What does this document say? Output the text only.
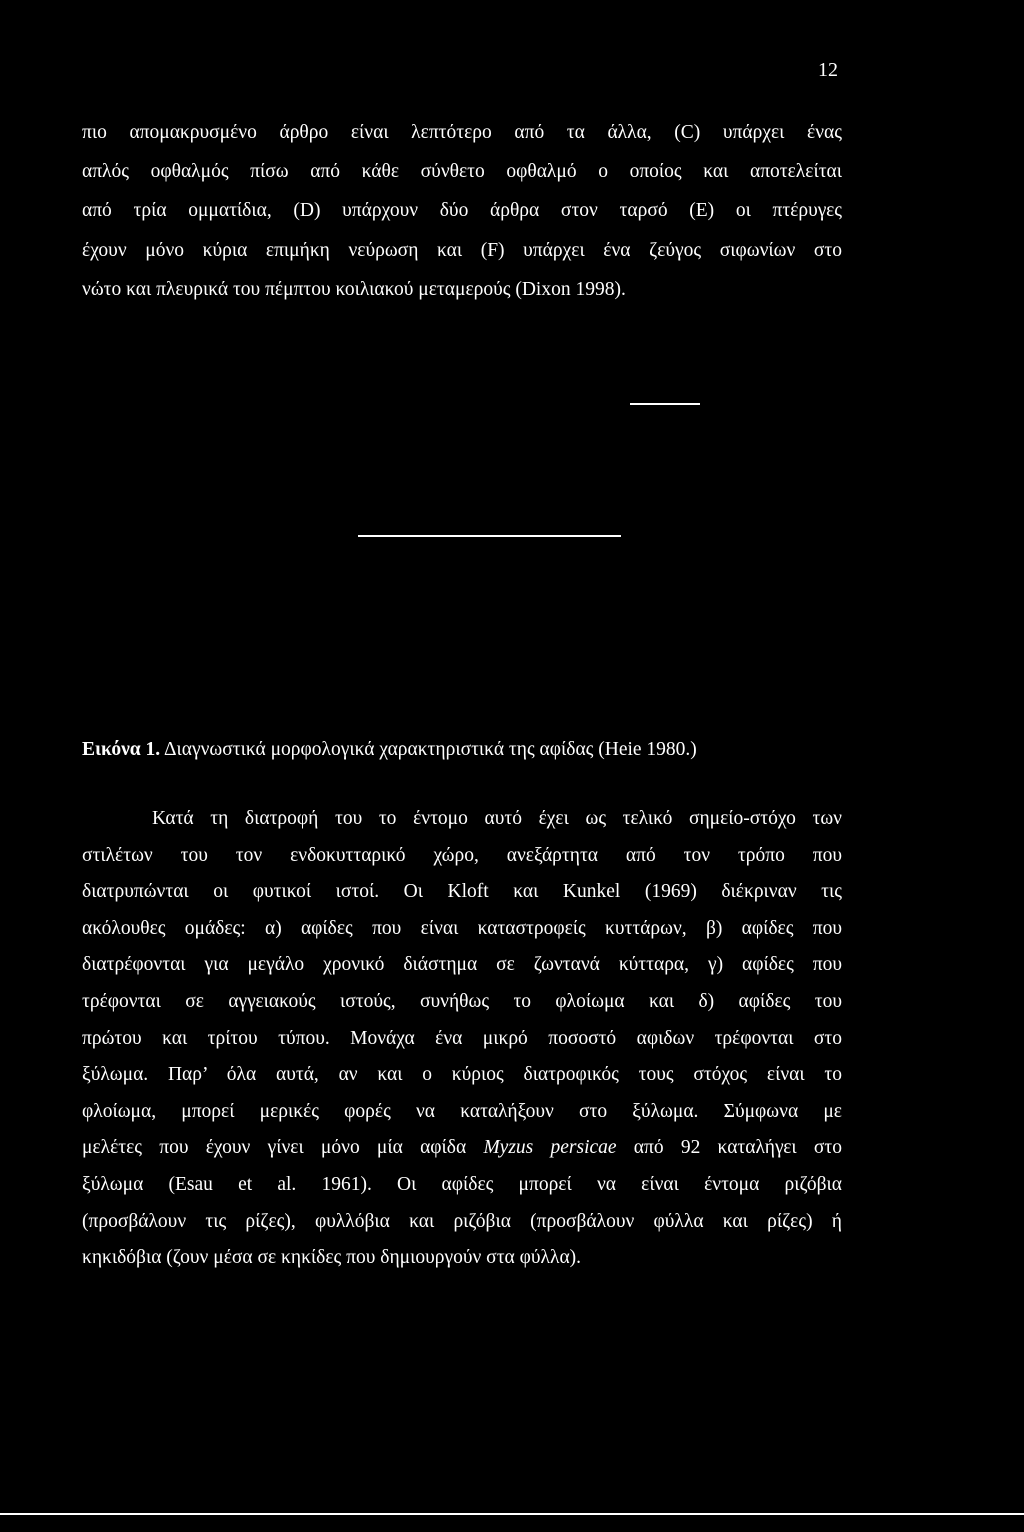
12
πιο απομακρυσμένο άρθρο είναι λεπτότερο από τα άλλα, (C) υπάρχει ένας
απλός οφθαλμός πίσω από κάθε σύνθετο οφθαλμό ο οποίος και αποτελείται
από τρία ομματίδια, (D) υπάρχουν δύο άρθρα στον ταρσό (E) οι πτέρυγες
έχουν μόνο κύρια επιμήκη νεύρωση και (F) υπάρχει ένα ζεύγος σιφωνίων στο
νώτο και πλευρικά του πέμπτου κοιλιακού μεταμερούς (Dixon 1998).
Εικόνα 1. Διαγνωστικά μορφολογικά χαρακτηριστικά της αφίδας (Heie 1980.)
Κατά τη διατροφή του το έντομο αυτό έχει ως τελικό σημείο-στόχο των
στιλέτων του τον ενδοκυτταρικό χώρο, ανεξάρτητα από τον τρόπο που
διατρυπώνται οι φυτικοί ιστοί. Οι Kloft και Kunkel (1969) διέκριναν τις
ακόλουθες ομάδες: α) αφίδες που είναι καταστροφείς κυττάρων, β) αφίδες που
διατρέφονται για μεγάλο χρονικό διάστημα σε ζωντανά κύτταρα, γ) αφίδες που
τρέφονται σε αγγειακούς ιστούς, συνήθως το φλοίωμα και δ) αφίδες του
πρώτου και τρίτου τύπου. Μονάχα ένα μικρό ποσοστό αφιδων τρέφονται στο
ξύλωμα. Παρ’ όλα αυτά, αν και ο κύριος διατροφικός τους στόχος είναι το
φλοίωμα, μπορεί μερικές φορές να καταλήξουν στο ξύλωμα. Σύμφωνα με
μελέτες που έχουν γίνει μόνο μία αφίδα Myzus persicae από 92 καταλήγει στο
ξύλωμα (Esau et al. 1961). Οι αφίδες μπορεί να είναι έντομα ριζόβια
(προσβάλουν τις ρίζες), φυλλόβια και ριζόβια (προσβάλουν φύλλα και ρίζες) ή
κηκιδόβια (ζουν μέσα σε κηκίδες που δημιουργούν στα φύλλα).
